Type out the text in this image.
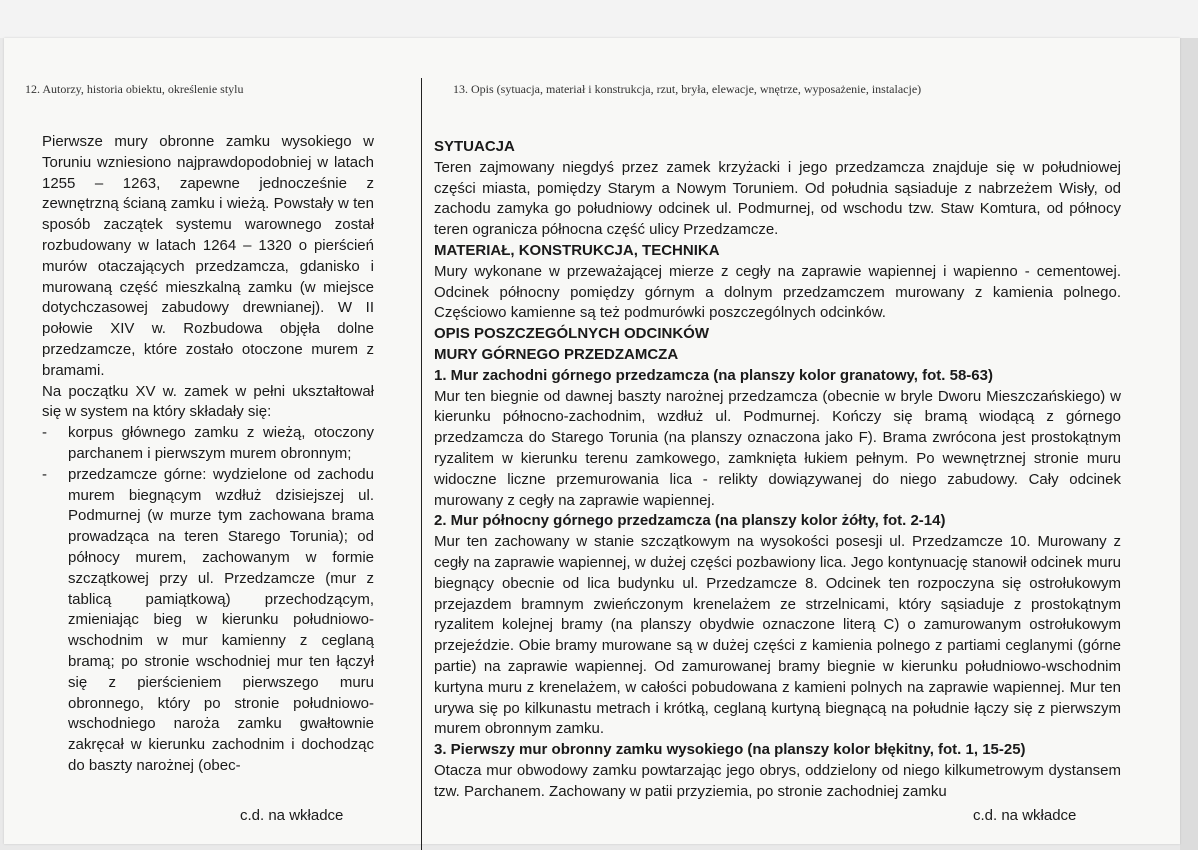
12. Autorzy, historia obiektu, określenie stylu	13. Opis (sytuacja, materiał i konstrukcja, rzut, bryła, elewacje, wnętrze, wyposażenie, instalacje)

Pierwsze mury obronne zamku wysokiego w Toruniu wzniesiono najprawdopodobniej w latach 1255 – 1263, zapewne jednocześnie z zewnętrzną ścianą zamku i wieżą. Powstały w ten sposób zaczątek systemu warownego został rozbudowany w latach 1264 – 1320 o pierścień murów otaczających przedzamcza, gdanisko i murowaną część mieszkalną zamku (w miejsce dotychczasowej zabudowy drewnianej). W II połowie XIV w. Rozbudowa objęła dolne przedzamcze, które zostało otoczone murem z bramami.

Na początku XV w. zamek w pełni ukształtował się w system na który składały się:

- korpus głównego zamku z wieżą, otoczony parchanem i pierwszym murem obronnym;
- przedzamcze górne: wydzielone od zachodu murem biegnącym wzdłuż dzisiejszej ul. Podmurnej (w murze tym zachowana brama prowadząca na teren Starego Torunia); od północy murem, zachowanym w formie szczątkowej przy ul. Przedzamcze (mur z tablicą pamiątkową) przechodzącym, zmieniając bieg w kierunku południowo-wschodnim w mur kamienny z ceglaną bramą; po stronie wschodniej mur ten łączył się z pierścieniem pierwszego muru obronnego, który po stronie południowo-wschodniego naroża zamku gwałtownie zakręcał w kierunku zachodnim i dochodząc do baszty narożnej (obec-
c.d. na wkładce
SYTUACJA

Teren zajmowany niegdyś przez zamek krzyżacki i jego przedzamcza znajduje się w południowej części miasta, pomiędzy Starym a Nowym Toruniem. Od południa sąsiaduje z nabrzeżem Wisły, od zachodu zamyka go południowy odcinek ul. Podmurnej, od wschodu tzw. Staw Komtura, od północy teren ogranicza północna część ulicy Przedzamcze.

MATERIAŁ, KONSTRUKCJA, TECHNIKA

Mury wykonane w przeważającej mierze z cegły na zaprawie wapiennej i wapienno - cementowej. Odcinek północny pomiędzy górnym a dolnym przedzamczem murowany z kamienia polnego. Częściowo kamienne są też podmurówki poszczególnych odcinków.

OPIS POSZCZEGÓLNYCH ODCINKÓW
MURY GÓRNEGO PRZEDZAMCZA
1. Mur zachodni górnego przedzamcza (na planszy kolor granatowy, fot. 58-63)

Mur ten biegnie od dawnej baszty narożnej przedzamcza (obecnie w bryle Dworu Mieszczańskiego) w kierunku północno-zachodnim, wzdłuż ul. Podmurnej. Kończy się bramą wiodącą z górnego przedzamcza do Starego Torunia (na planszy oznaczona jako F). Brama zwrócona jest prostokątnym ryzalitem w kierunku terenu zamkowego, zamknięta łukiem pełnym. Po wewnętrznej stronie muru widoczne liczne przemurowania lica - relikty dowiązywanej do niego zabudowy. Cały odcinek murowany z cegły na zaprawie wapiennej.

2. Mur północny górnego przedzamcza (na planszy kolor żółty, fot. 2-14)

Mur ten zachowany w stanie szczątkowym na wysokości posesji ul. Przedzamcze 10. Murowany z cegły na zaprawie wapiennej, w dużej części pozbawiony lica. Jego kontynuację stanowił odcinek muru biegnący obecnie od lica budynku ul. Przedzamcze 8. Odcinek ten rozpoczyna się ostrołukowym przejazdem bramnym zwieńczonym krenelażem ze strzelnicami, który sąsiaduje z prostokątnym ryzalitem kolejnej bramy (na planszy obydwie oznaczone literą C) o zamurowanym ostrołukowym przejeździe. Obie bramy murowane są w dużej części z kamienia polnego z partiami ceglanymi (górne partie) na zaprawie wapiennej. Od zamurowanej bramy biegnie w kierunku południowo-wschodnim kurtyna muru z krenelażem, w całości pobudowana z kamieni polnych na zaprawie wapiennej. Mur ten urywa się po kilkunastu metrach i krótką, ceglaną kurtyną biegnącą na południe łączy się z pierwszym murem obronnym zamku.

3. Pierwszy mur obronny zamku wysokiego (na planszy kolor błękitny, fot. 1, 15-25)

Otacza mur obwodowy zamku powtarzając jego obrys, oddzielony od niego kilkumetrowym dystansem tzw. Parchanem. Zachowany w patii przyziemia, po stronie zachodniej zamku

c.d. na wkładce
